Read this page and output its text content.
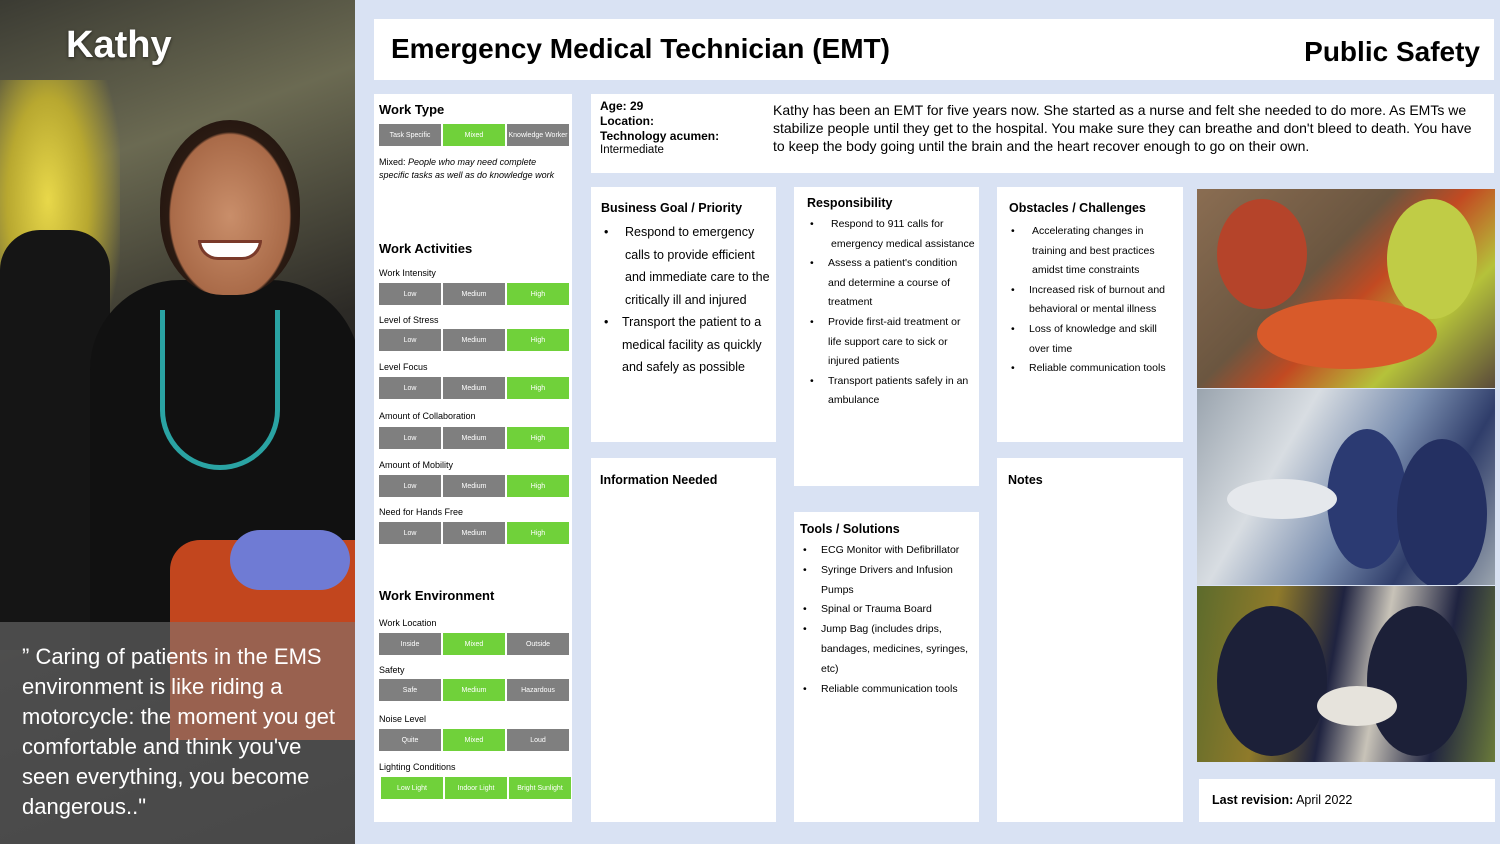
Kathy
” Caring of patients in the EMS environment is like riding a motorcycle: the moment you get comfortable and think you've seen everything, you become dangerous.."
Emergency Medical Technician (EMT)	Public Safety
Work Type
Task Specific	Mixed	Knowledge Worker
Mixed: People who may need complete specific tasks as well as do knowledge work
Work Activities
Work Intensity
Low	Medium	High
Level of Stress
Low	Medium	High
Level Focus
Low	Medium	High
Amount of Collaboration
Low	Medium	High
Amount of Mobility
Low	Medium	High
Need for Hands Free
Low	Medium	High
Work Environment
Work Location
Inside	Mixed	Outside
Safety
Safe	Medium	Hazardous
Noise Level
Quite	Mixed	Loud
Lighting Conditions
Low Light	Indoor Light	Bright Sunlight
Age: 29
Location:
Technology acumen:
Intermediate
Kathy has been an EMT for five years now. She started as a nurse and felt she needed to do more. As EMTs we stabilize people until they get to the hospital. You make sure they can breathe and don't bleed to death. You have to keep the body going until the brain and the heart recover enough to go on their own.
Business Goal / Priority
• Respond to emergency calls to provide efficient and immediate care to the critically ill and injured
• Transport the patient to a medical facility as quickly and safely as possible
Information Needed
Responsibility
• Respond to 911 calls for emergency medical assistance
• Assess a patient's condition and determine a course of treatment
• Provide first-aid treatment or life support care to sick or injured patients
• Transport patients safely in an ambulance
Tools / Solutions
• ECG Monitor with Defibrillator
• Syringe Drivers and Infusion Pumps
• Spinal or Trauma Board
• Jump Bag (includes drips, bandages, medicines, syringes, etc)
• Reliable communication tools
Obstacles / Challenges
• Accelerating changes in training and best practices amidst time constraints
• Increased risk of burnout and behavioral or mental illness
• Loss of knowledge and skill over time
• Reliable communication tools
Notes
Last revision: April 2022
